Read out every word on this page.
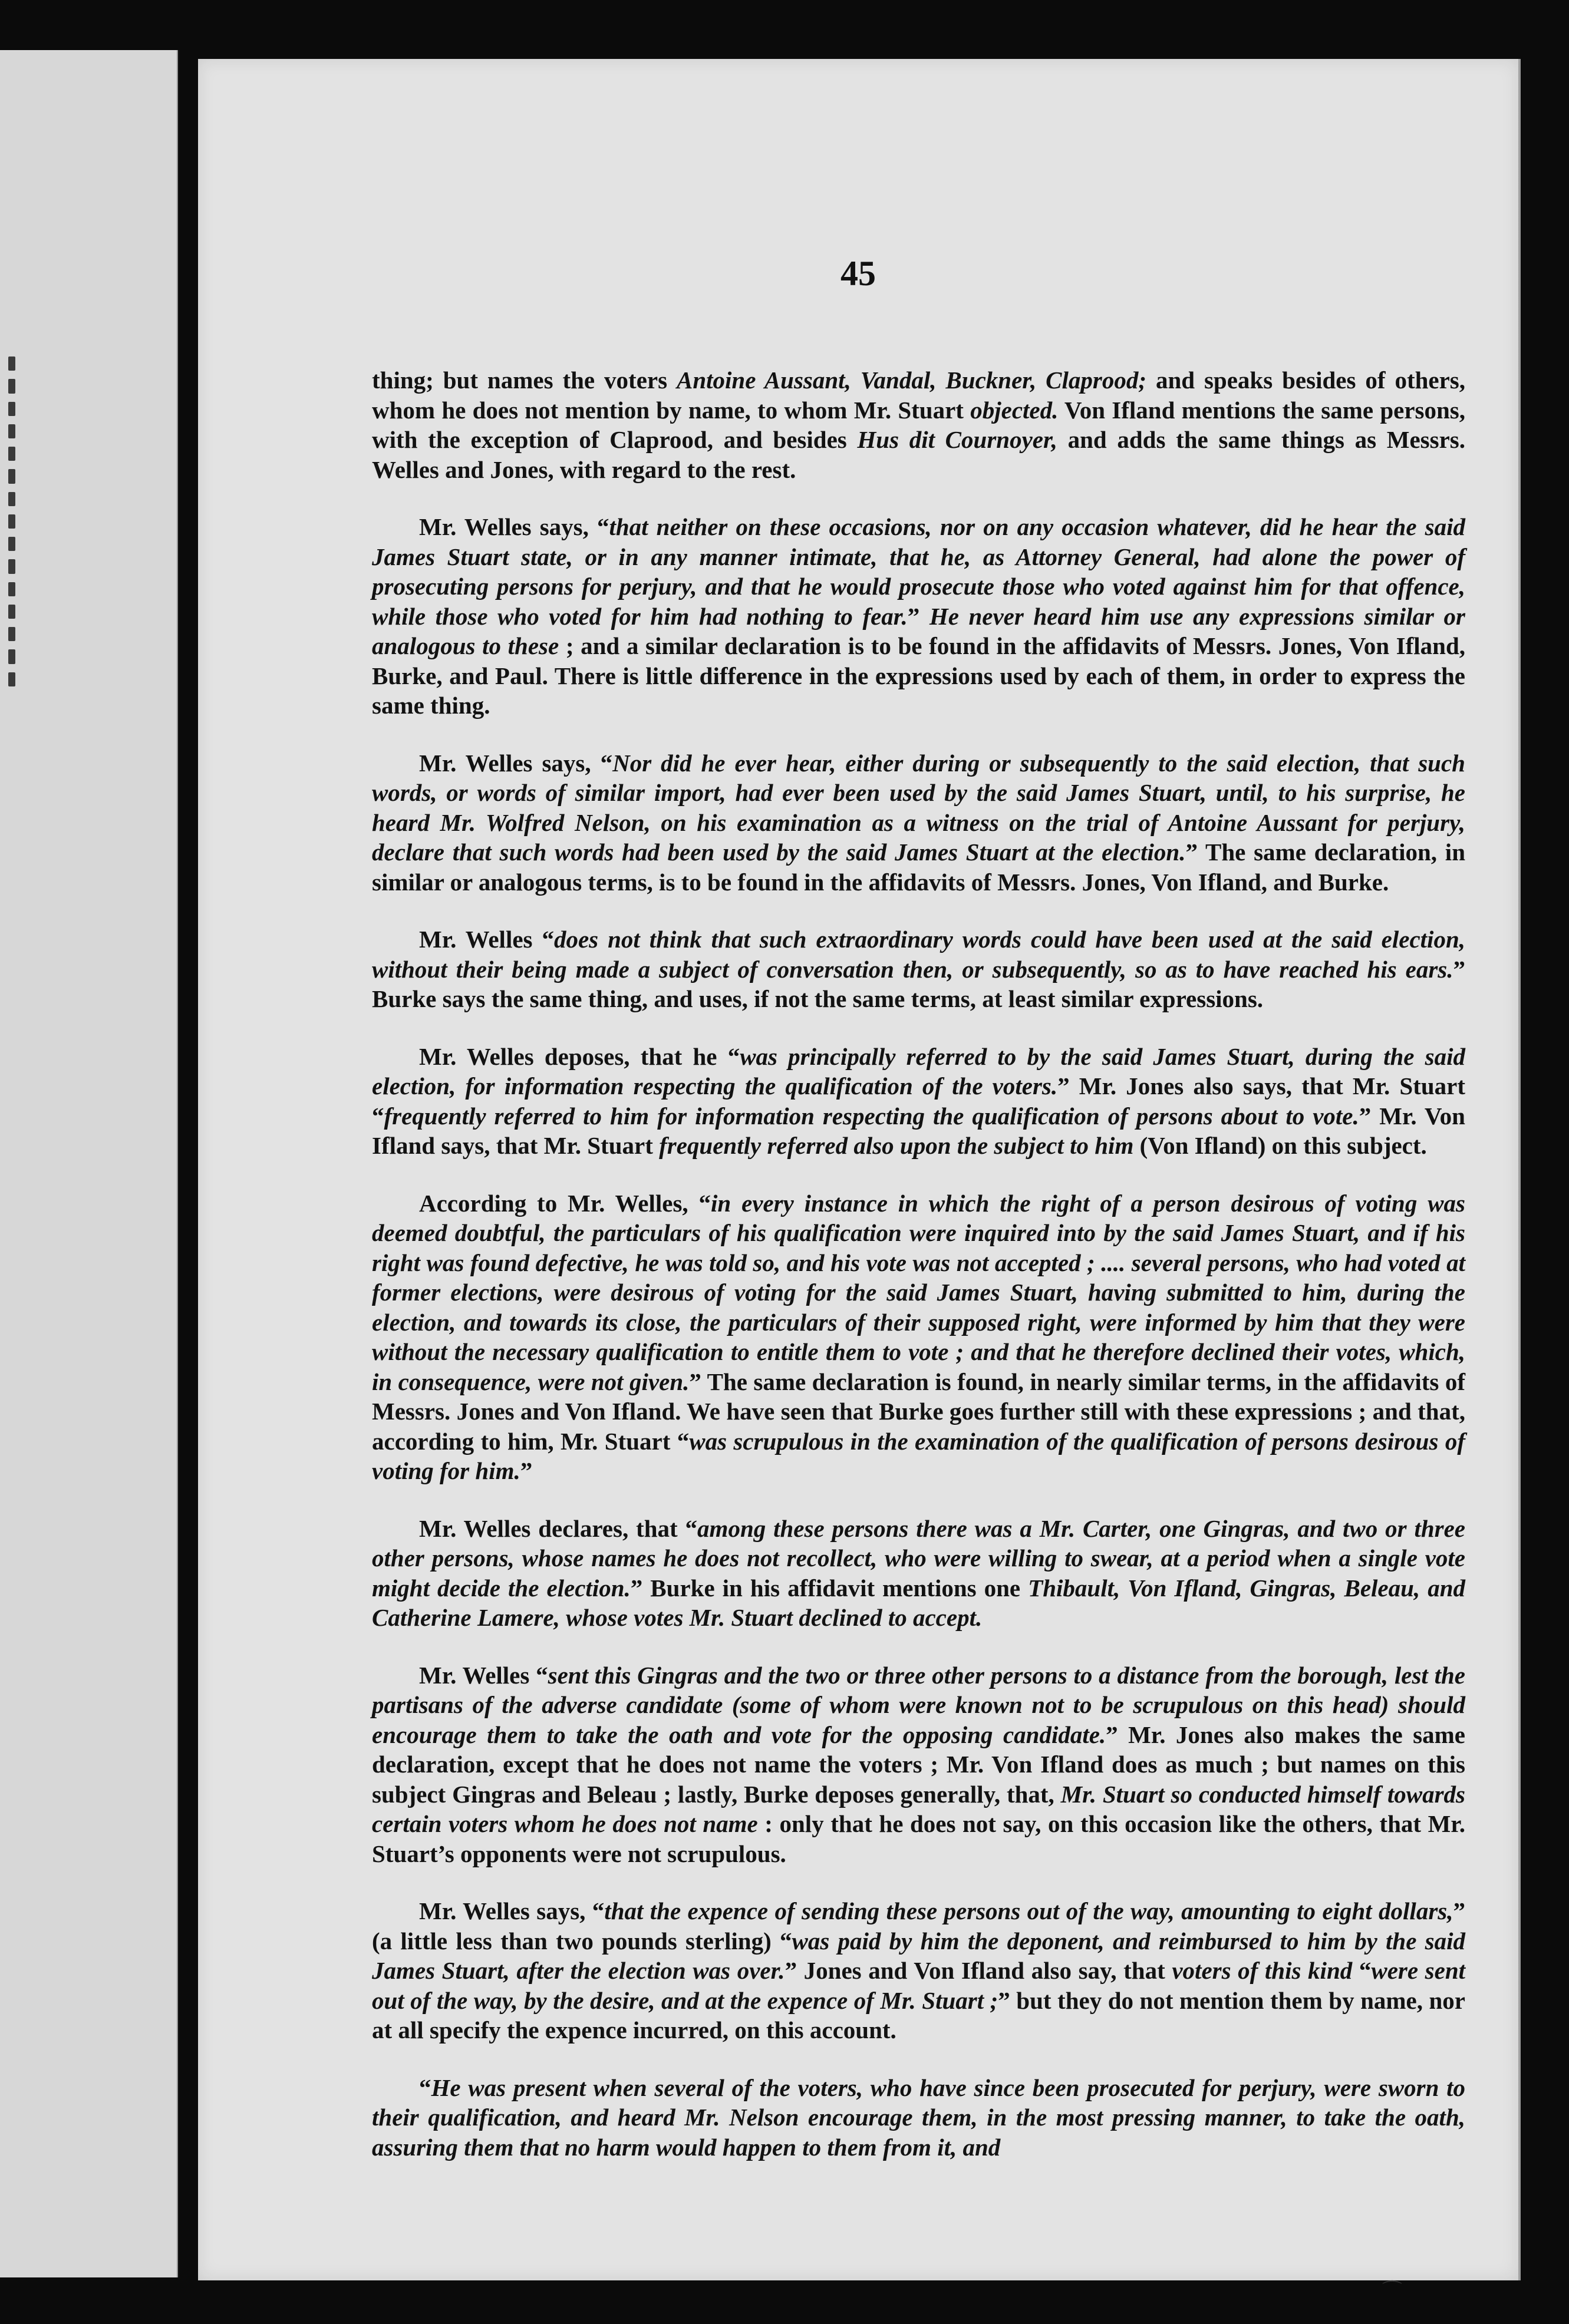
45

thing; but names the voters Antoine Aussant, Vandal, Buckner, Claprood; and speaks besides of others, whom he does not mention by name, to whom Mr. Stuart objected. Von Ifland mentions the same persons, with the exception of Claprood, and besides Hus dit Cournoyer, and adds the same things as Messrs. Welles and Jones, with regard to the rest.

Mr. Welles says, “that neither on these occasions, nor on any occasion whatever, did he hear the said James Stuart state, or in any manner intimate, that he, as Attorney General, had alone the power of prosecuting persons for perjury, and that he would prosecute those who voted against him for that offence, while those who voted for him had nothing to fear.” He never heard him use any expressions similar or analogous to these ; and a similar declaration is to be found in the affidavits of Messrs. Jones, Von Ifland, Burke, and Paul. There is little difference in the expressions used by each of them, in order to express the same thing.

Mr. Welles says, “Nor did he ever hear, either during or subsequently to the said election, that such words, or words of similar import, had ever been used by the said James Stuart, until, to his surprise, he heard Mr. Wolfred Nelson, on his examination as a witness on the trial of Antoine Aussant for perjury, declare that such words had been used by the said James Stuart at the election.” The same declaration, in similar or analogous terms, is to be found in the affidavits of Messrs. Jones, Von Ifland, and Burke.

Mr. Welles “does not think that such extraordinary words could have been used at the said election, without their being made a subject of conversation then, or subsequently, so as to have reached his ears.” Burke says the same thing, and uses, if not the same terms, at least similar expressions.

Mr. Welles deposes, that he “was principally referred to by the said James Stuart, during the said election, for information respecting the qualification of the voters.” Mr. Jones also says, that Mr. Stuart “frequently referred to him for information respecting the qualification of persons about to vote.” Mr. Von Ifland says, that Mr. Stuart frequently referred also upon the subject to him (Von Ifland) on this subject.

According to Mr. Welles, “in every instance in which the right of a person desirous of voting was deemed doubtful, the particulars of his qualification were inquired into by the said James Stuart, and if his right was found defective, he was told so, and his vote was not accepted ; .... several persons, who had voted at former elections, were desirous of voting for the said James Stuart, having submitted to him, during the election, and towards its close, the particulars of their supposed right, were informed by him that they were without the necessary qualification to entitle them to vote ; and that he therefore declined their votes, which, in consequence, were not given.” The same declaration is found, in nearly similar terms, in the affidavits of Messrs. Jones and Von Ifland. We have seen that Burke goes further still with these expressions ; and that, according to him, Mr. Stuart “was scrupulous in the examination of the qualification of persons desirous of voting for him.”

Mr. Welles declares, that “among these persons there was a Mr. Carter, one Gingras, and two or three other persons, whose names he does not recollect, who were willing to swear, at a period when a single vote might decide the election.” Burke in his affidavit mentions one Thibault, Von Ifland, Gingras, Beleau, and Catherine Lamere, whose votes Mr. Stuart declined to accept.

Mr. Welles “sent this Gingras and the two or three other persons to a distance from the borough, lest the partisans of the adverse candidate (some of whom were known not to be scrupulous on this head) should encourage them to take the oath and vote for the opposing candidate.” Mr. Jones also makes the same declaration, except that he does not name the voters ; Mr. Von Ifland does as much ; but names on this subject Gingras and Beleau ; lastly, Burke deposes generally, that, Mr. Stuart so conducted himself towards certain voters whom he does not name : only that he does not say, on this occasion like the others, that Mr. Stuart’s opponents were not scrupulous.

Mr. Welles says, “that the expence of sending these persons out of the way, amounting to eight dollars,” (a little less than two pounds sterling) “was paid by him the deponent, and reimbursed to him by the said James Stuart, after the election was over.” Jones and Von Ifland also say, that voters of this kind “were sent out of the way, by the desire, and at the expence of Mr. Stuart ;” but they do not mention them by name, nor at all specify the expence incurred, on this account.

“He was present when several of the voters, who have since been prosecuted for perjury, were sworn to their qualification, and heard Mr. Nelson encourage them, in the most pressing manner, to take the oath, assuring them that no harm would happen to them from it, and

⌒
